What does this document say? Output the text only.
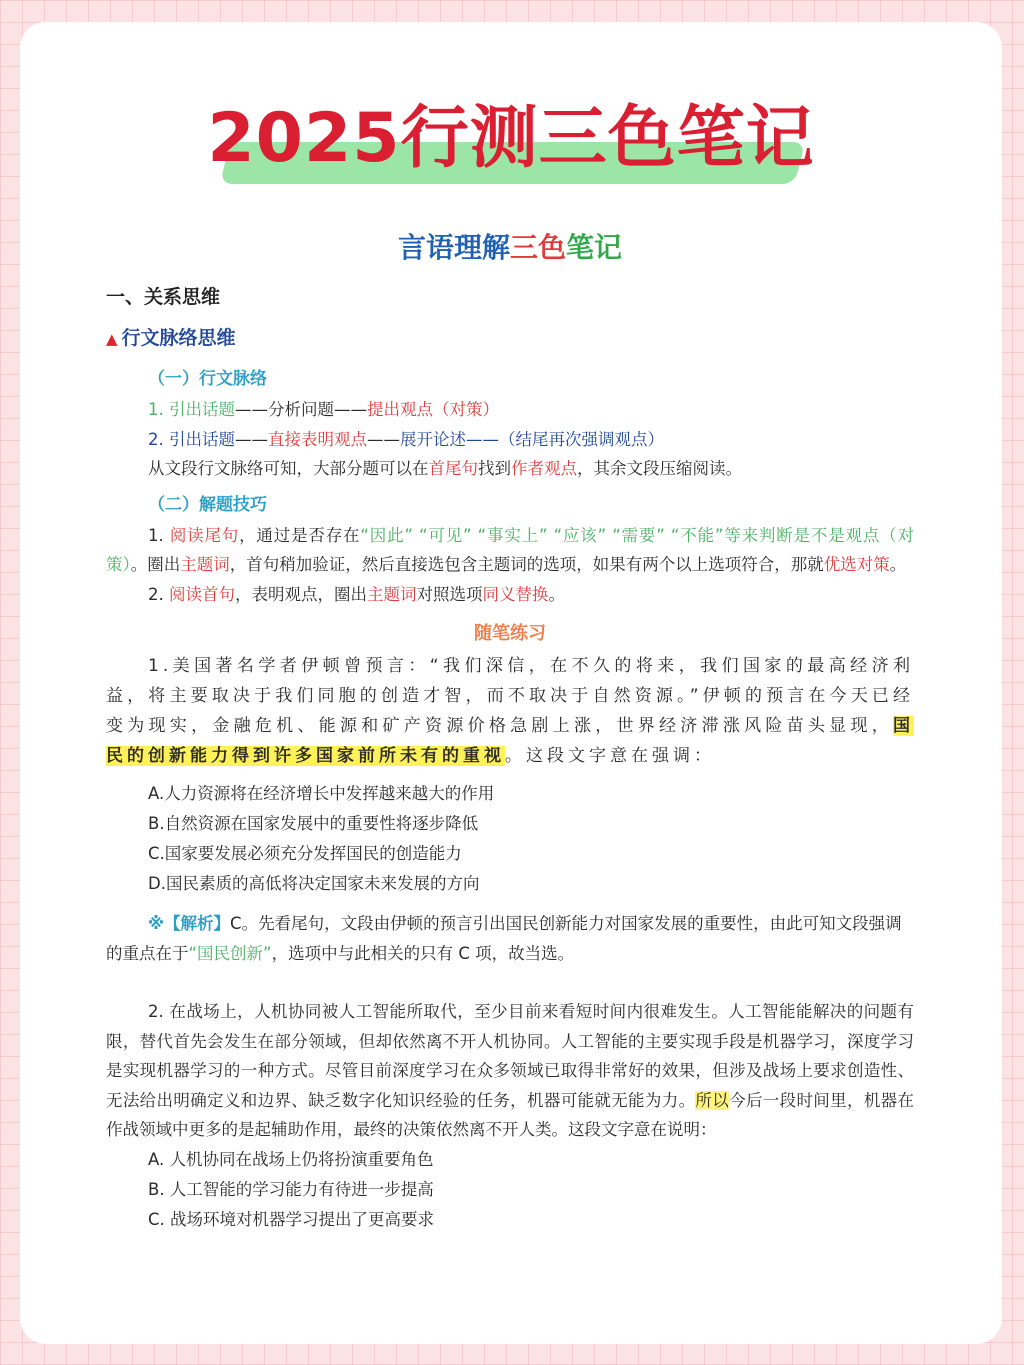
2025行测三色笔记
言语理解三色笔记
一、关系思维
▲ 行文脉络思维
（一）行文脉络

1. 引出话题——分析问题——提出观点（对策）

2. 引出话题——直接表明观点——展开论述——（结尾再次强调观点）

从文段行文脉络可知，大部分题可以在首尾句找到作者观点，其余文段压缩阅读。

（二）解题技巧

1. 阅读尾句，通过是否存在“因此” “可见” “事实上” “应该” “需要” “不能”等来判断是不是观点（对策）。圈出主题词，首句稍加验证，然后直接选包含主题词的选项，如果有两个以上选项符合，那就优选对策。

2. 阅读首句，表明观点，圈出主题词对照选项同义替换。

随笔练习

1.美国著名学者伊顿曾预言：“我们深信，在不久的将来，我们国家的最高经济利益，将主要取决于我们同胞的创造才智，而不取决于自然资源。”伊顿的预言在今天已经变为现实，金融危机、能源和矿产资源价格急剧上涨，世界经济滞涨风险苗头显现，国民的创新能力得到许多国家前所未有的重视。这段文字意在强调：

A.人力资源将在经济增长中发挥越来越大的作用

B.自然资源在国家发展中的重要性将逐步降低

C.国家要发展必须充分发挥国民的创造能力

D.国民素质的高低将决定国家未来发展的方向

※【解析】C。先看尾句，文段由伊顿的预言引出国民创新能力对国家发展的重要性，由此可知文段强调的重点在于“国民创新”，选项中与此相关的只有 C 项，故当选。

2. 在战场上，人机协同被人工智能所取代，至少目前来看短时间内很难发生。人工智能能解决的问题有限，替代首先会发生在部分领域，但却依然离不开人机协同。人工智能的主要实现手段是机器学习，深度学习是实现机器学习的一种方式。尽管目前深度学习在众多领域已取得非常好的效果，但涉及战场上要求创造性、无法给出明确定义和边界、缺乏数字化知识经验的任务，机器可能就无能为力。所以今后一段时间里，机器在作战领域中更多的是起辅助作用，最终的决策依然离不开人类。这段文字意在说明：

A. 人机协同在战场上仍将扮演重要角色

B. 人工智能的学习能力有待进一步提高

C. 战场环境对机器学习提出了更高要求
